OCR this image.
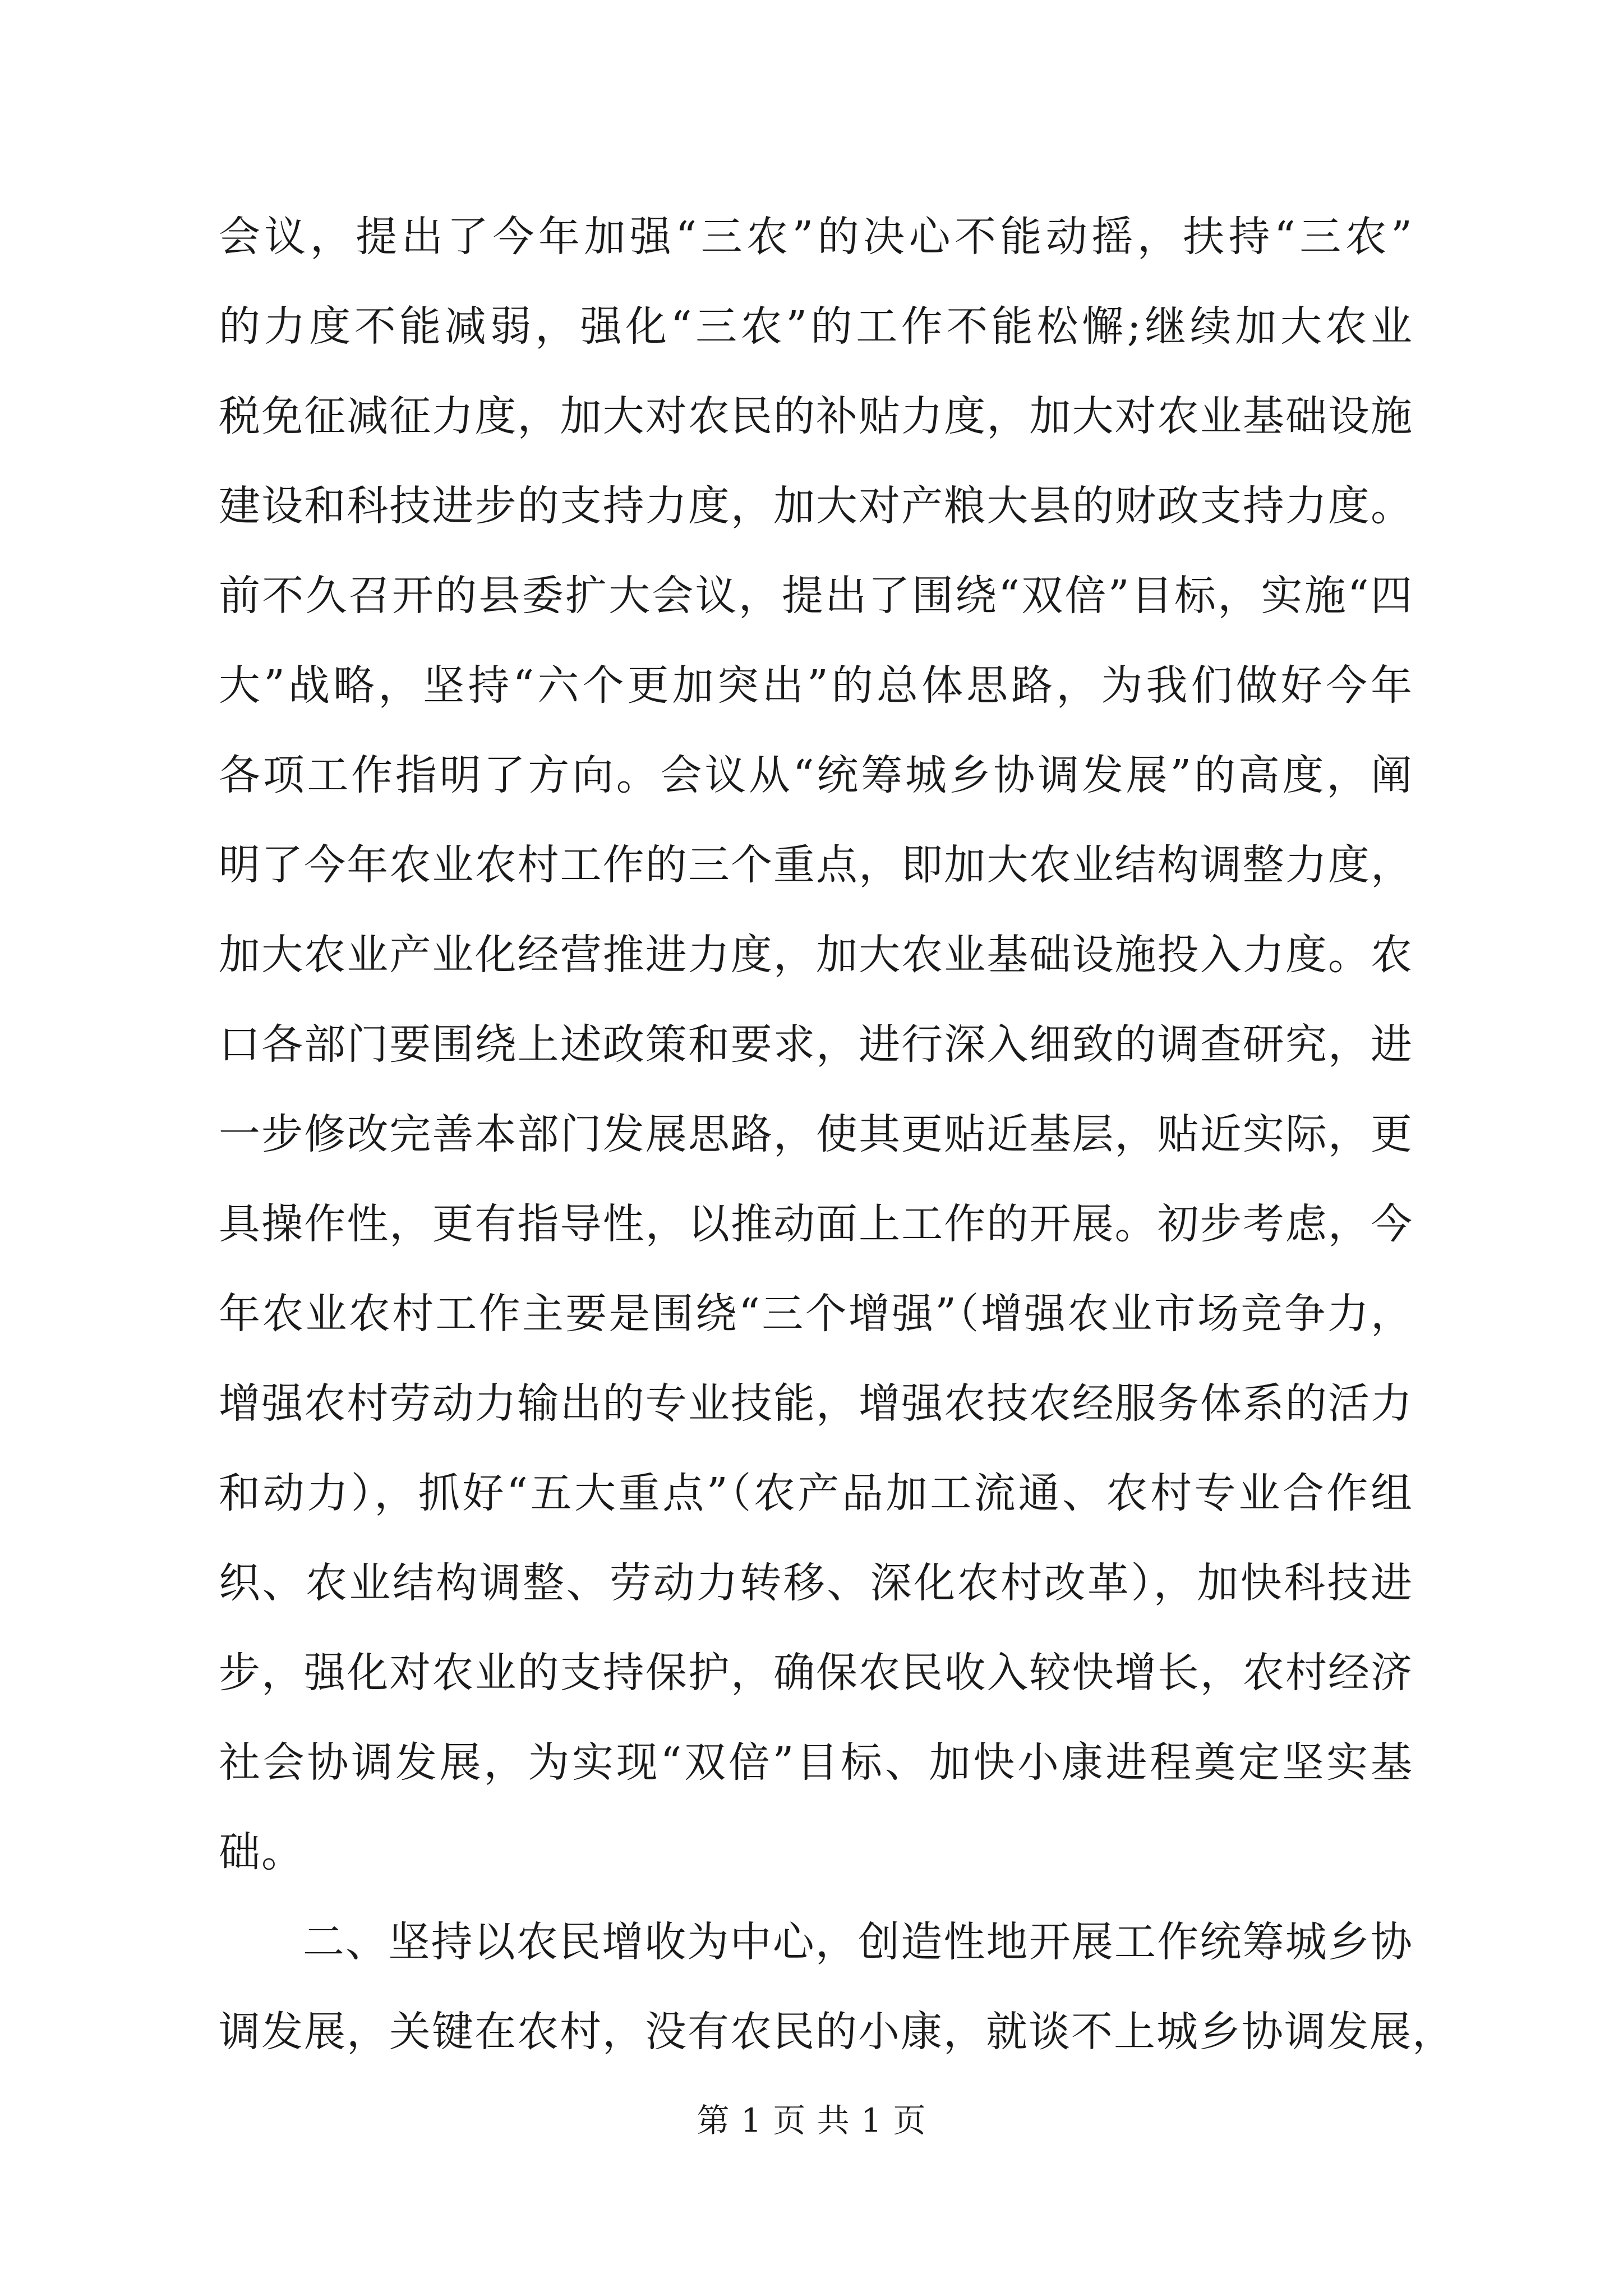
会议，提出了今年加强“三农”的决心不能动摇，扶持“三农”
的力度不能减弱，强化“三农”的工作不能松懈;继续加大农业
税免征减征力度，加大对农民的补贴力度，加大对农业基础设施
建设和科技进步的支持力度，加大对产粮大县的财政支持力度。
前不久召开的县委扩大会议，提出了围绕“双倍”目标，实施“四
大”战略，坚持“六个更加突出”的总体思路，为我们做好今年
各项工作指明了方向。会议从“统筹城乡协调发展”的高度，阐
明了今年农业农村工作的三个重点，即加大农业结构调整力度，
加大农业产业化经营推进力度，加大农业基础设施投入力度。农
口各部门要围绕上述政策和要求，进行深入细致的调查研究，进
一步修改完善本部门发展思路，使其更贴近基层，贴近实际，更
具操作性，更有指导性，以推动面上工作的开展。初步考虑，今
年农业农村工作主要是围绕“三个增强”（增强农业市场竞争力，
增强农村劳动力输出的专业技能，增强农技农经服务体系的活力
和动力），抓好“五大重点”（农产品加工流通、农村专业合作组
织、农业结构调整、劳动力转移、深化农村改革），加快科技进
步，强化对农业的支持保护，确保农民收入较快增长，农村经济
社会协调发展，为实现“双倍”目标、加快小康进程奠定坚实基
础。
二、坚持以农民增收为中心，创造性地开展工作统筹城乡协
调发展，关键在农村，没有农民的小康，就谈不上城乡协调发展，
第 1 页 共 1 页
